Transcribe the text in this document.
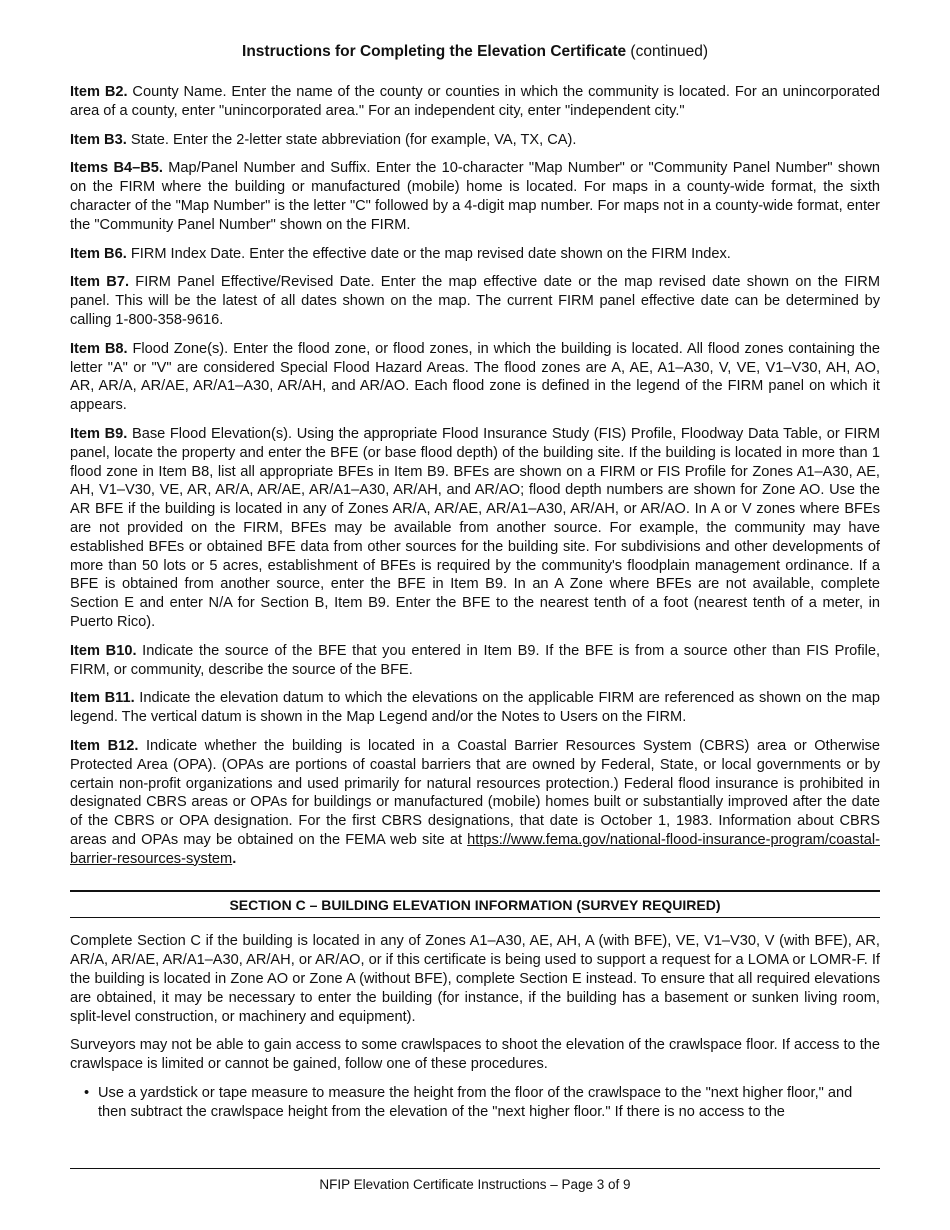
Instructions for Completing the Elevation Certificate (continued)

Item B2. County Name. Enter the name of the county or counties in which the community is located. For an unincorporated area of a county, enter "unincorporated area." For an independent city, enter "independent city."

Item B3. State. Enter the 2-letter state abbreviation (for example, VA, TX, CA).

Items B4–B5. Map/Panel Number and Suffix. Enter the 10-character "Map Number" or "Community Panel Number" shown on the FIRM where the building or manufactured (mobile) home is located. For maps in a county-wide format, the sixth character of the "Map Number" is the letter "C" followed by a 4-digit map number. For maps not in a county-wide format, enter the "Community Panel Number" shown on the FIRM.

Item B6. FIRM Index Date. Enter the effective date or the map revised date shown on the FIRM Index.

Item B7. FIRM Panel Effective/Revised Date. Enter the map effective date or the map revised date shown on the FIRM panel. This will be the latest of all dates shown on the map. The current FIRM panel effective date can be determined by calling 1-800-358-9616.

Item B8. Flood Zone(s). Enter the flood zone, or flood zones, in which the building is located. All flood zones containing the letter "A" or "V" are considered Special Flood Hazard Areas. The flood zones are A, AE, A1–A30, V, VE, V1–V30, AH, AO, AR, AR/A, AR/AE, AR/A1–A30, AR/AH, and AR/AO. Each flood zone is defined in the legend of the FIRM panel on which it appears.

Item B9. Base Flood Elevation(s). Using the appropriate Flood Insurance Study (FIS) Profile, Floodway Data Table, or FIRM panel, locate the property and enter the BFE (or base flood depth) of the building site. If the building is located in more than 1 flood zone in Item B8, list all appropriate BFEs in Item B9. BFEs are shown on a FIRM or FIS Profile for Zones A1–A30, AE, AH, V1–V30, VE, AR, AR/A, AR/AE, AR/A1–A30, AR/AH, and AR/AO; flood depth numbers are shown for Zone AO. Use the AR BFE if the building is located in any of Zones AR/A, AR/AE, AR/A1–A30, AR/AH, or AR/AO. In A or V zones where BFEs are not provided on the FIRM, BFEs may be available from another source. For example, the community may have established BFEs or obtained BFE data from other sources for the building site. For subdivisions and other developments of more than 50 lots or 5 acres, establishment of BFEs is required by the community's floodplain management ordinance. If a BFE is obtained from another source, enter the BFE in Item B9. In an A Zone where BFEs are not available, complete Section E and enter N/A for Section B, Item B9. Enter the BFE to the nearest tenth of a foot (nearest tenth of a meter, in Puerto Rico).

Item B10. Indicate the source of the BFE that you entered in Item B9. If the BFE is from a source other than FIS Profile, FIRM, or community, describe the source of the BFE.

Item B11. Indicate the elevation datum to which the elevations on the applicable FIRM are referenced as shown on the map legend. The vertical datum is shown in the Map Legend and/or the Notes to Users on the FIRM.

Item B12. Indicate whether the building is located in a Coastal Barrier Resources System (CBRS) area or Otherwise Protected Area (OPA). (OPAs are portions of coastal barriers that are owned by Federal, State, or local governments or by certain non-profit organizations and used primarily for natural resources protection.) Federal flood insurance is prohibited in designated CBRS areas or OPAs for buildings or manufactured (mobile) homes built or substantially improved after the date of the CBRS or OPA designation. For the first CBRS designations, that date is October 1, 1983. Information about CBRS areas and OPAs may be obtained on the FEMA web site at https://www.fema.gov/national-flood-insurance-program/coastal-barrier-resources-system.

SECTION C – BUILDING ELEVATION INFORMATION (SURVEY REQUIRED)

Complete Section C if the building is located in any of Zones A1–A30, AE, AH, A (with BFE), VE, V1–V30, V (with BFE), AR, AR/A, AR/AE, AR/A1–A30, AR/AH, or AR/AO, or if this certificate is being used to support a request for a LOMA or LOMR-F. If the building is located in Zone AO or Zone A (without BFE), complete Section E instead. To ensure that all required elevations are obtained, it may be necessary to enter the building (for instance, if the building has a basement or sunken living room, split-level construction, or machinery and equipment).

Surveyors may not be able to gain access to some crawlspaces to shoot the elevation of the crawlspace floor. If access to the crawlspace is limited or cannot be gained, follow one of these procedures.

• Use a yardstick or tape measure to measure the height from the floor of the crawlspace to the "next higher floor," and then subtract the crawlspace height from the elevation of the "next higher floor." If there is no access to the
NFIP Elevation Certificate Instructions – Page 3 of 9
